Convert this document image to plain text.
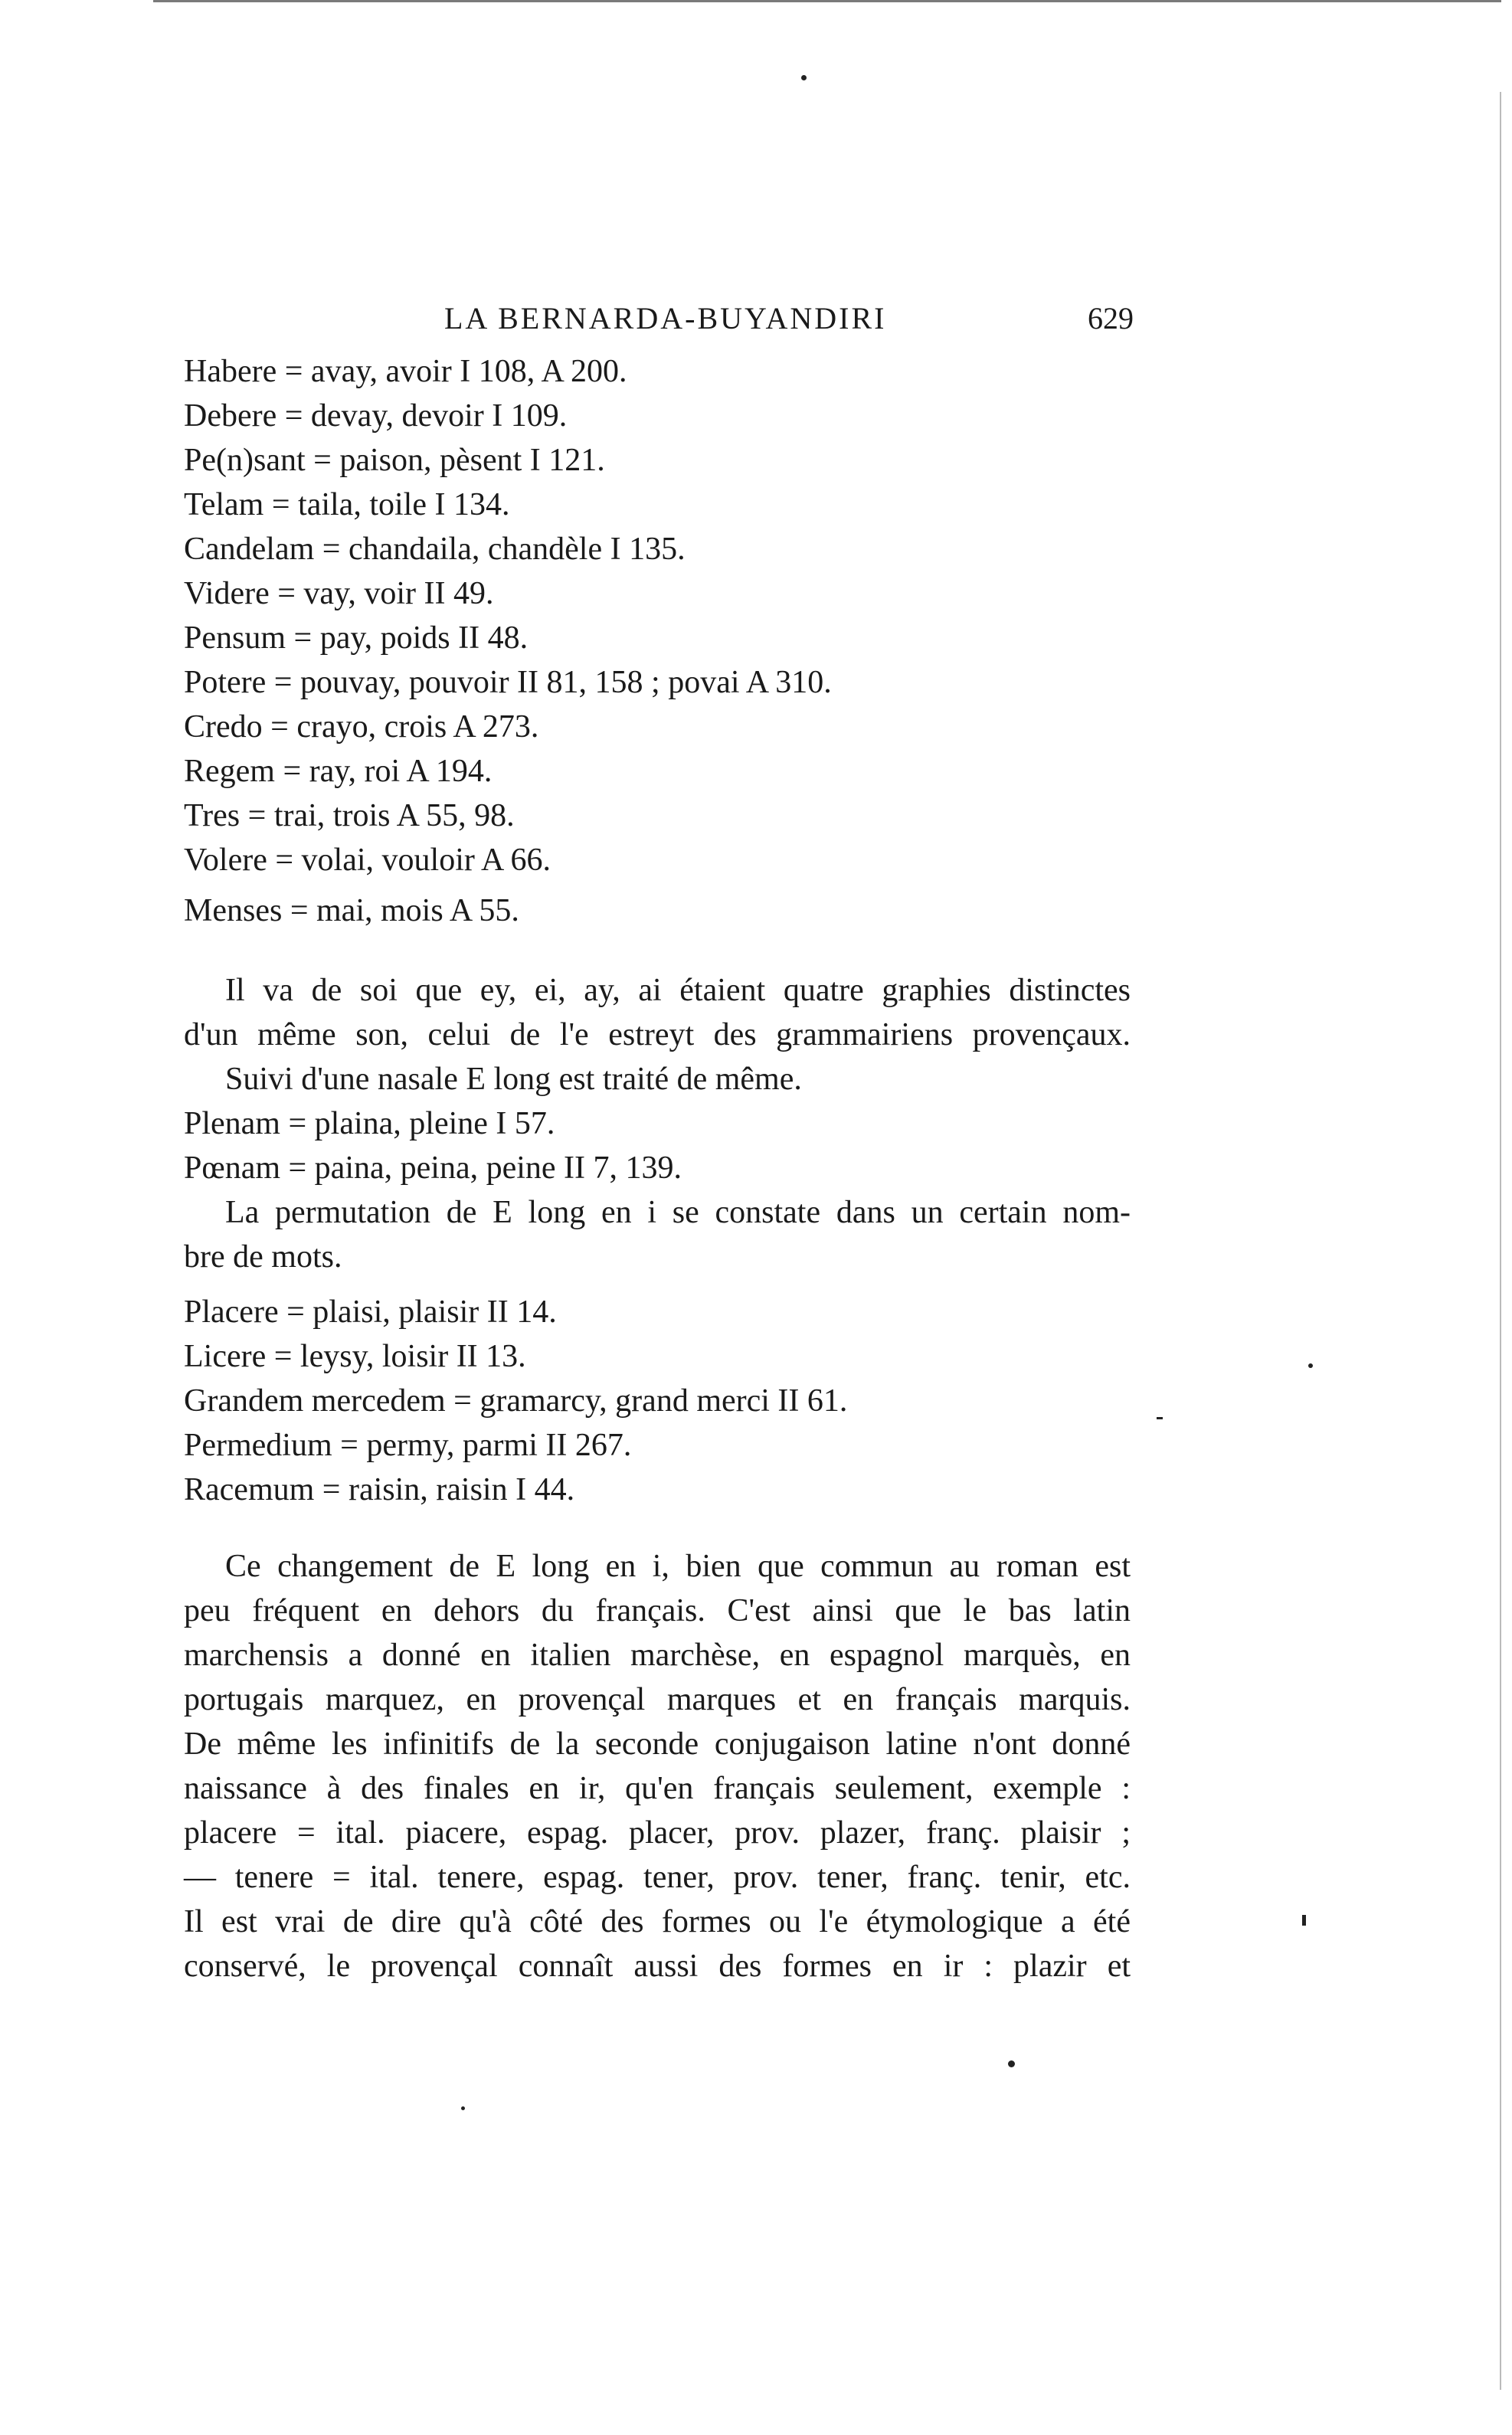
LA BERNARDA-BUYANDIRI	629
Habere = avay, avoir I 108, A 200.
Debere = devay, devoir I 109.
Pe(n)sant = paison, pèsent I 121.
Telam = taila, toile I 134.
Candelam = chandaila, chandèle I 135.
Videre = vay, voir II 49.
Pensum = pay, poids II 48.
Potere = pouvay, pouvoir II 81, 158 ; povai A 310.
Credo = crayo, crois A 273.
Regem = ray, roi A 194.
Tres = trai, trois A 55, 98.
Volere = volai, vouloir A 66.
Menses = mai, mois A 55.
Il va de soi que ey, ei, ay, ai étaient quatre graphies distinctes
d'un même son, celui de l'e estreyt des grammairiens provençaux.
Suivi d'une nasale E long est traité de même.
Plenam = plaina, pleine I 57.
Pœnam = paina, peina, peine II 7, 139.
La permutation de E long en i se constate dans un certain nom-
bre de mots.
Placere = plaisi, plaisir II 14.
Licere = leysy, loisir II 13.
Grandem mercedem = gramarcy, grand merci II 61.
Permedium = permy, parmi II 267.
Racemum = raisin, raisin I 44.
Ce changement de E long en i, bien que commun au roman est
peu fréquent en dehors du français. C'est ainsi que le bas latin
marchensis a donné en italien marchèse, en espagnol marquès, en
portugais marquez, en provençal marques et en français marquis.
De même les infinitifs de la seconde conjugaison latine n'ont donné
naissance à des finales en ir, qu'en français seulement, exemple :
placere = ital. piacere, espag. placer, prov. plazer, franç. plaisir ;
— tenere = ital. tenere, espag. tener, prov. tener, franç. tenir, etc.
Il est vrai de dire qu'à côté des formes ou l'e étymologique a été
conservé, le provençal connaît aussi des formes en ir : plazir et
